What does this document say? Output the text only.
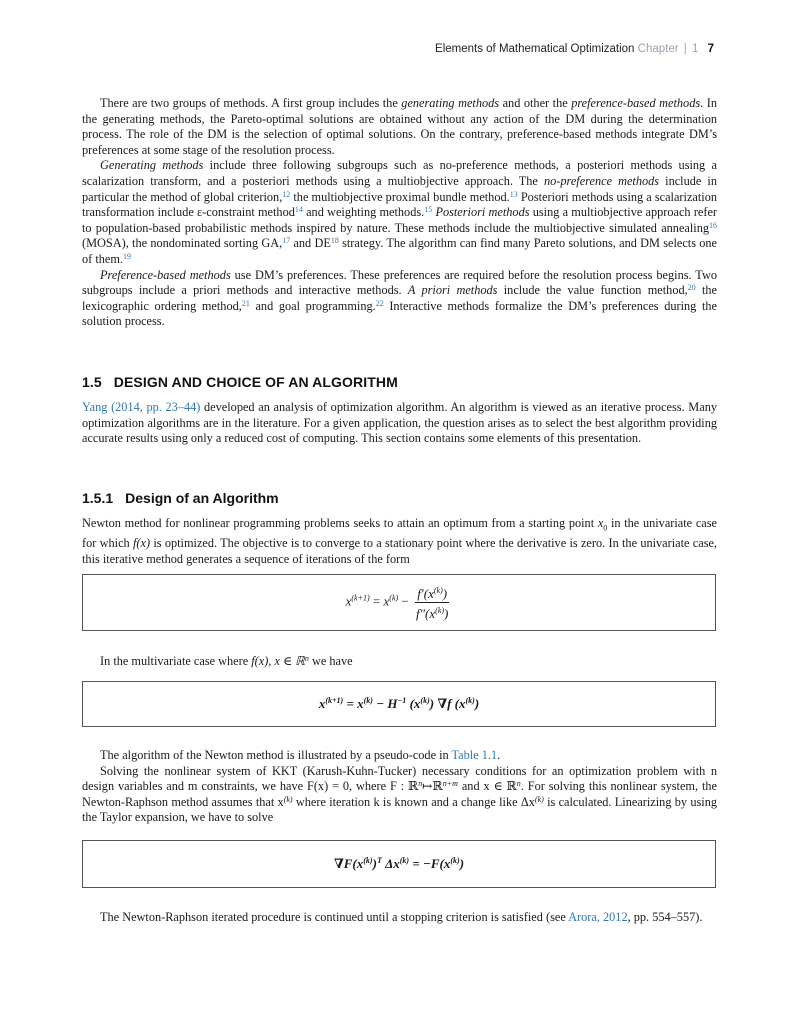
Elements of Mathematical Optimization Chapter | 1 7

There are two groups of methods. A first group includes the generating methods and other the preference-based methods. In the generating methods, the Pareto-optimal solutions are obtained without any action of the DM during the determination process. The role of the DM is the selection of optimal solutions. On the contrary, preference-based methods integrate DM’s preferences at some stage of the resolution process.

Generating methods include three following subgroups such as no-preference methods, a posteriori methods using a scalarization transform, and a posteriori methods using a multiobjective approach. The no-preference methods include in particular the method of global criterion,$^{12}$ the multiobjective proximal bundle method.$^{13}$ Posteriori methods using a scalarization transformation include ε-constraint method$^{14}$ and weighting methods.$^{15}$ Posteriori methods using a multiobjective approach refer to population-based probabilistic methods inspired by nature. These methods include the multiobjective simulated annealing$^{16}$ (MOSA), the nondominated sorting GA,$^{17}$ and DE$^{18}$ strategy. The algorithm can find many Pareto solutions, and DM selects one of them.$^{19}$

Preference-based methods use DM’s preferences. These preferences are required before the resolution process begins. Two subgroups include a priori methods and interactive methods. A priori methods include the value function method,$^{20}$ the lexicographic ordering method,$^{21}$ and goal programming.$^{22}$ Interactive methods formalize the DM’s preferences during the solution process.

1.5 DESIGN AND CHOICE OF AN ALGORITHM

Yang (2014, pp. 23–44) developed an analysis of optimization algorithm. An algorithm is viewed as an iterative process. Many optimization algorithms are in the literature. For a given application, the question arises as to select the best algorithm providing accurate results using only a reduced cost of computing. This section contains some elements of this presentation.

1.5.1 Design of an Algorithm

Newton method for nonlinear programming problems seeks to attain an optimum from a starting point $x_0$ in the univariate case for which f(x) is optimized. The objective is to converge to a stationary point where the derivative is zero. In the univariate case, this iterative method generates a sequence of iterations of the form

$x^{(k+1)} = x^{(k)} - \frac{f'(x^{(k)})}{f''(x^{(k)})}$

In the multivariate case where f(x), x ∈ ℝ$^n$ we have

$x^{(k+1)} = x^{(k)} - H^{-1}$ $(x^{(k)})$ ∇f $(x^{(k)})$

The algorithm of the Newton method is illustrated by a pseudo-code in Table 1.1.

Solving the nonlinear system of KKT (Karush-Kuhn-Tucker) necessary conditions for an optimization problem with n design variables and m constraints, we have F(x) = 0, where F : ℝ$^n$↦ℝ$^{n+m}$ and x ∈ ℝ$^n$. For solving this nonlinear system, the Newton-Raphson method assumes that $x^{(k)}$ where iteration k is known and a change like $\Delta x^{(k)}$ is calculated. Linearizing by using the Taylor expansion, we have to solve

$\nabla F(x^{(k)})^T$ $\Delta x^{(k)} = -F(x^{(k)})$

The Newton-Raphson iterated procedure is continued until a stopping criterion is satisfied (see Arora, 2012, pp. 554–557).
